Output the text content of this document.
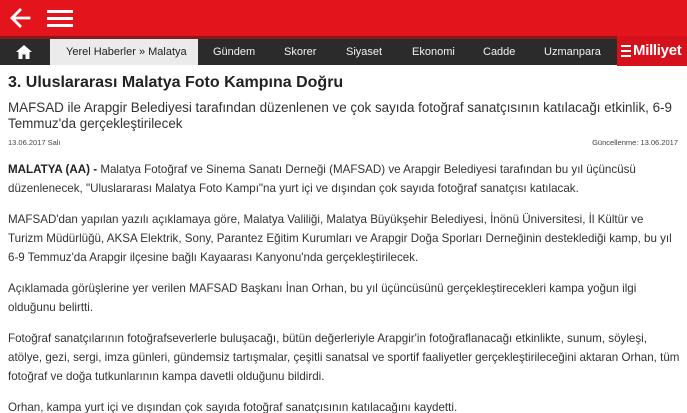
Yerel Haberler » Malatya	Gündem	Skorer	Siyaset	Ekonomi	Cadde	Uzmanpara	Milliyet
3. Uluslararası Malatya Foto Kampına Doğru
MAFSAD ile Arapgir Belediyesi tarafından düzenlenen ve çok sayıda fotoğraf sanatçısının katılacağı etkinlik, 6-9 Temmuz'da gerçekleştirilecek
13.06.2017 Salı	Güncellenme: 13.06.2017

MALATYA (AA) - Malatya Fotoğraf ve Sinema Sanatı Derneği (MAFSAD) ve Arapgir Belediyesi tarafından bu yıl üçüncüsü düzenlenecek, "Uluslararası Malatya Foto Kampı"na yurt içi ve dışından çok sayıda fotoğraf sanatçısı katılacak.

MAFSAD'dan yapılan yazılı açıklamaya göre, Malatya Valiliği, Malatya Büyükşehir Belediyesi, İnönü Üniversitesi, İl Kültür ve Turizm Müdürlüğü, AKSA Elektrik, Sony, Parantez Eğitim Kurumları ve Arapgir Doğa Sporları Derneğinin desteklediği kamp, bu yıl 6-9 Temmuz'da Arapgir ilçesine bağlı Kayaarası Kanyonu'nda gerçekleştirilecek.

Açıklamada görüşlerine yer verilen MAFSAD Başkanı İnan Orhan, bu yıl üçüncüsünü gerçekleştirecekleri kampa yoğun ilgi olduğunu belirtti.

Fotoğraf sanatçılarının fotoğrafseverlerle buluşacağı, bütün değerleriyle Arapgir'in fotoğraflanacağı etkinlikte, sunum, söyleşi, atölye, gezi, sergi, imza günleri, gündemsiz tartışmalar, çeşitli sanatsal ve sportif faaliyetler gerçekleştirileceğini aktaran Orhan, tüm fotoğraf ve doğa tutkunlarının kampa davetli olduğunu bildirdi.

Orhan, kampa yurt içi ve dışından çok sayıda fotoğraf sanatçısının katılacağını kaydetti.
